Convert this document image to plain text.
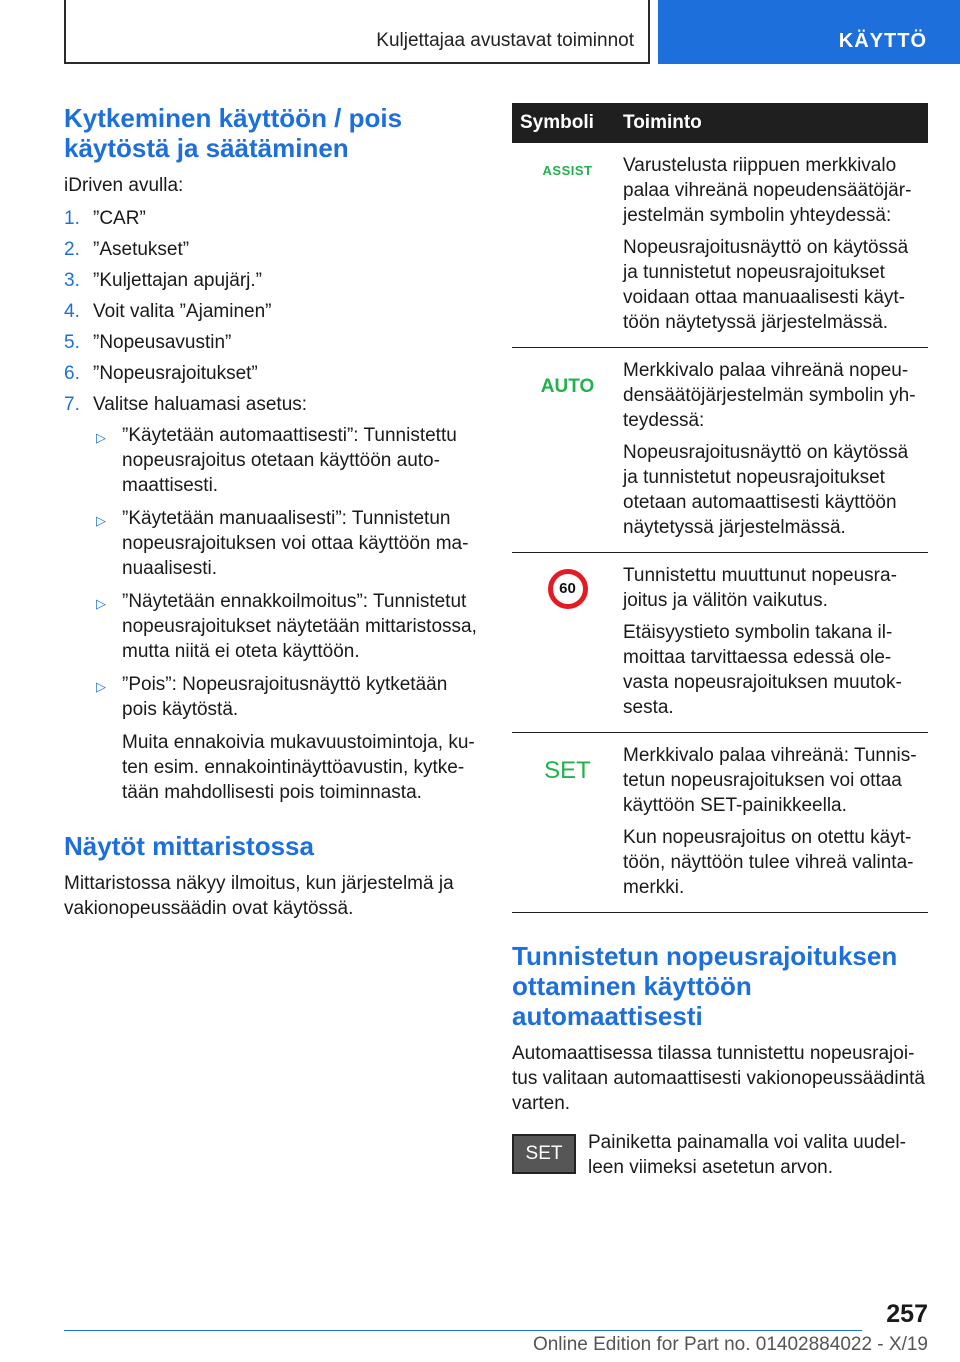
Kuljettajaa avustavat toiminnot	KÄYTTÖ
Kytkeminen käyttöön / pois käytöstä ja säätäminen

iDriven avulla:

1. ”CAR”
2. ”Asetukset”
3. ”Kuljettajan apujärj.”
4. Voit valita ”Ajaminen”
5. ”Nopeusavustin”
6. ”Nopeusrajoitukset”
7. Valitse haluamasi asetus:
▷ ”Käytetään automaattisesti”: Tunnistettu nopeusrajoitus otetaan käyttöön automaattisesti.

▷ ”Käytetään manuaalisesti”: Tunnistetun nopeusrajoituksen voi ottaa käyttöön manuaalisesti.

▷ ”Näytetään ennakkoilmoitus”: Tunnistetut nopeusrajoitukset näytetään mittaristossa, mutta niitä ei oteta käyttöön.

▷ ”Pois”: Nopeusrajoitusnäyttö kytketään pois käytöstä.

Muita ennakoivia mukavuustoimintoja, kuten esim. ennakointinäyttöavustin, kytketään mahdollisesti pois toiminnasta.

Näytöt mittaristossa

Mittaristossa näkyy ilmoitus, kun järjestelmä ja vakionopeussäädin ovat käytössä.

Symboli	Toiminto
ASSIST	Varustelusta riippuen merkkivalo palaa vihreänä nopeudensäätöjärjestelmän symbolin yhteydessä:

Nopeusrajoitusnäyttö on käytössä ja tunnistetut nopeusrajoitukset voidaan ottaa manuaalisesti käyttöön näytetyssä järjestelmässä.

AUTO	Merkkivalo palaa vihreänä nopeudensäätöjärjestelmän symbolin yhteydessä:

Nopeusrajoitusnäyttö on käytössä ja tunnistetut nopeusrajoitukset otetaan automaattisesti käyttöön näytetyssä järjestelmässä.

60	Tunnistettu muuttunut nopeusrajoitus ja välitön vaikutus.

Etäisyystieto symbolin takana ilmoittaa tarvittaessa edessä olevasta nopeusrajoituksen muutoksesta.

SET	Merkkivalo palaa vihreänä: Tunnistetun nopeusrajoituksen voi ottaa käyttöön SET-painikkeella.

Kun nopeusrajoitus on otettu käyttöön, näyttöön tulee vihreä valintamerkki.

Tunnistetun nopeusrajoituksen ottaminen käyttöön automaattisesti

Automaattisessa tilassa tunnistettu nopeusrajoitus valitaan automaattisesti vakionopeussäädintä varten.

SET

Painiketta painamalla voi valita uudelleen viimeksi asetetun arvon.

257
Online Edition for Part no. 01402884022 - X/19
